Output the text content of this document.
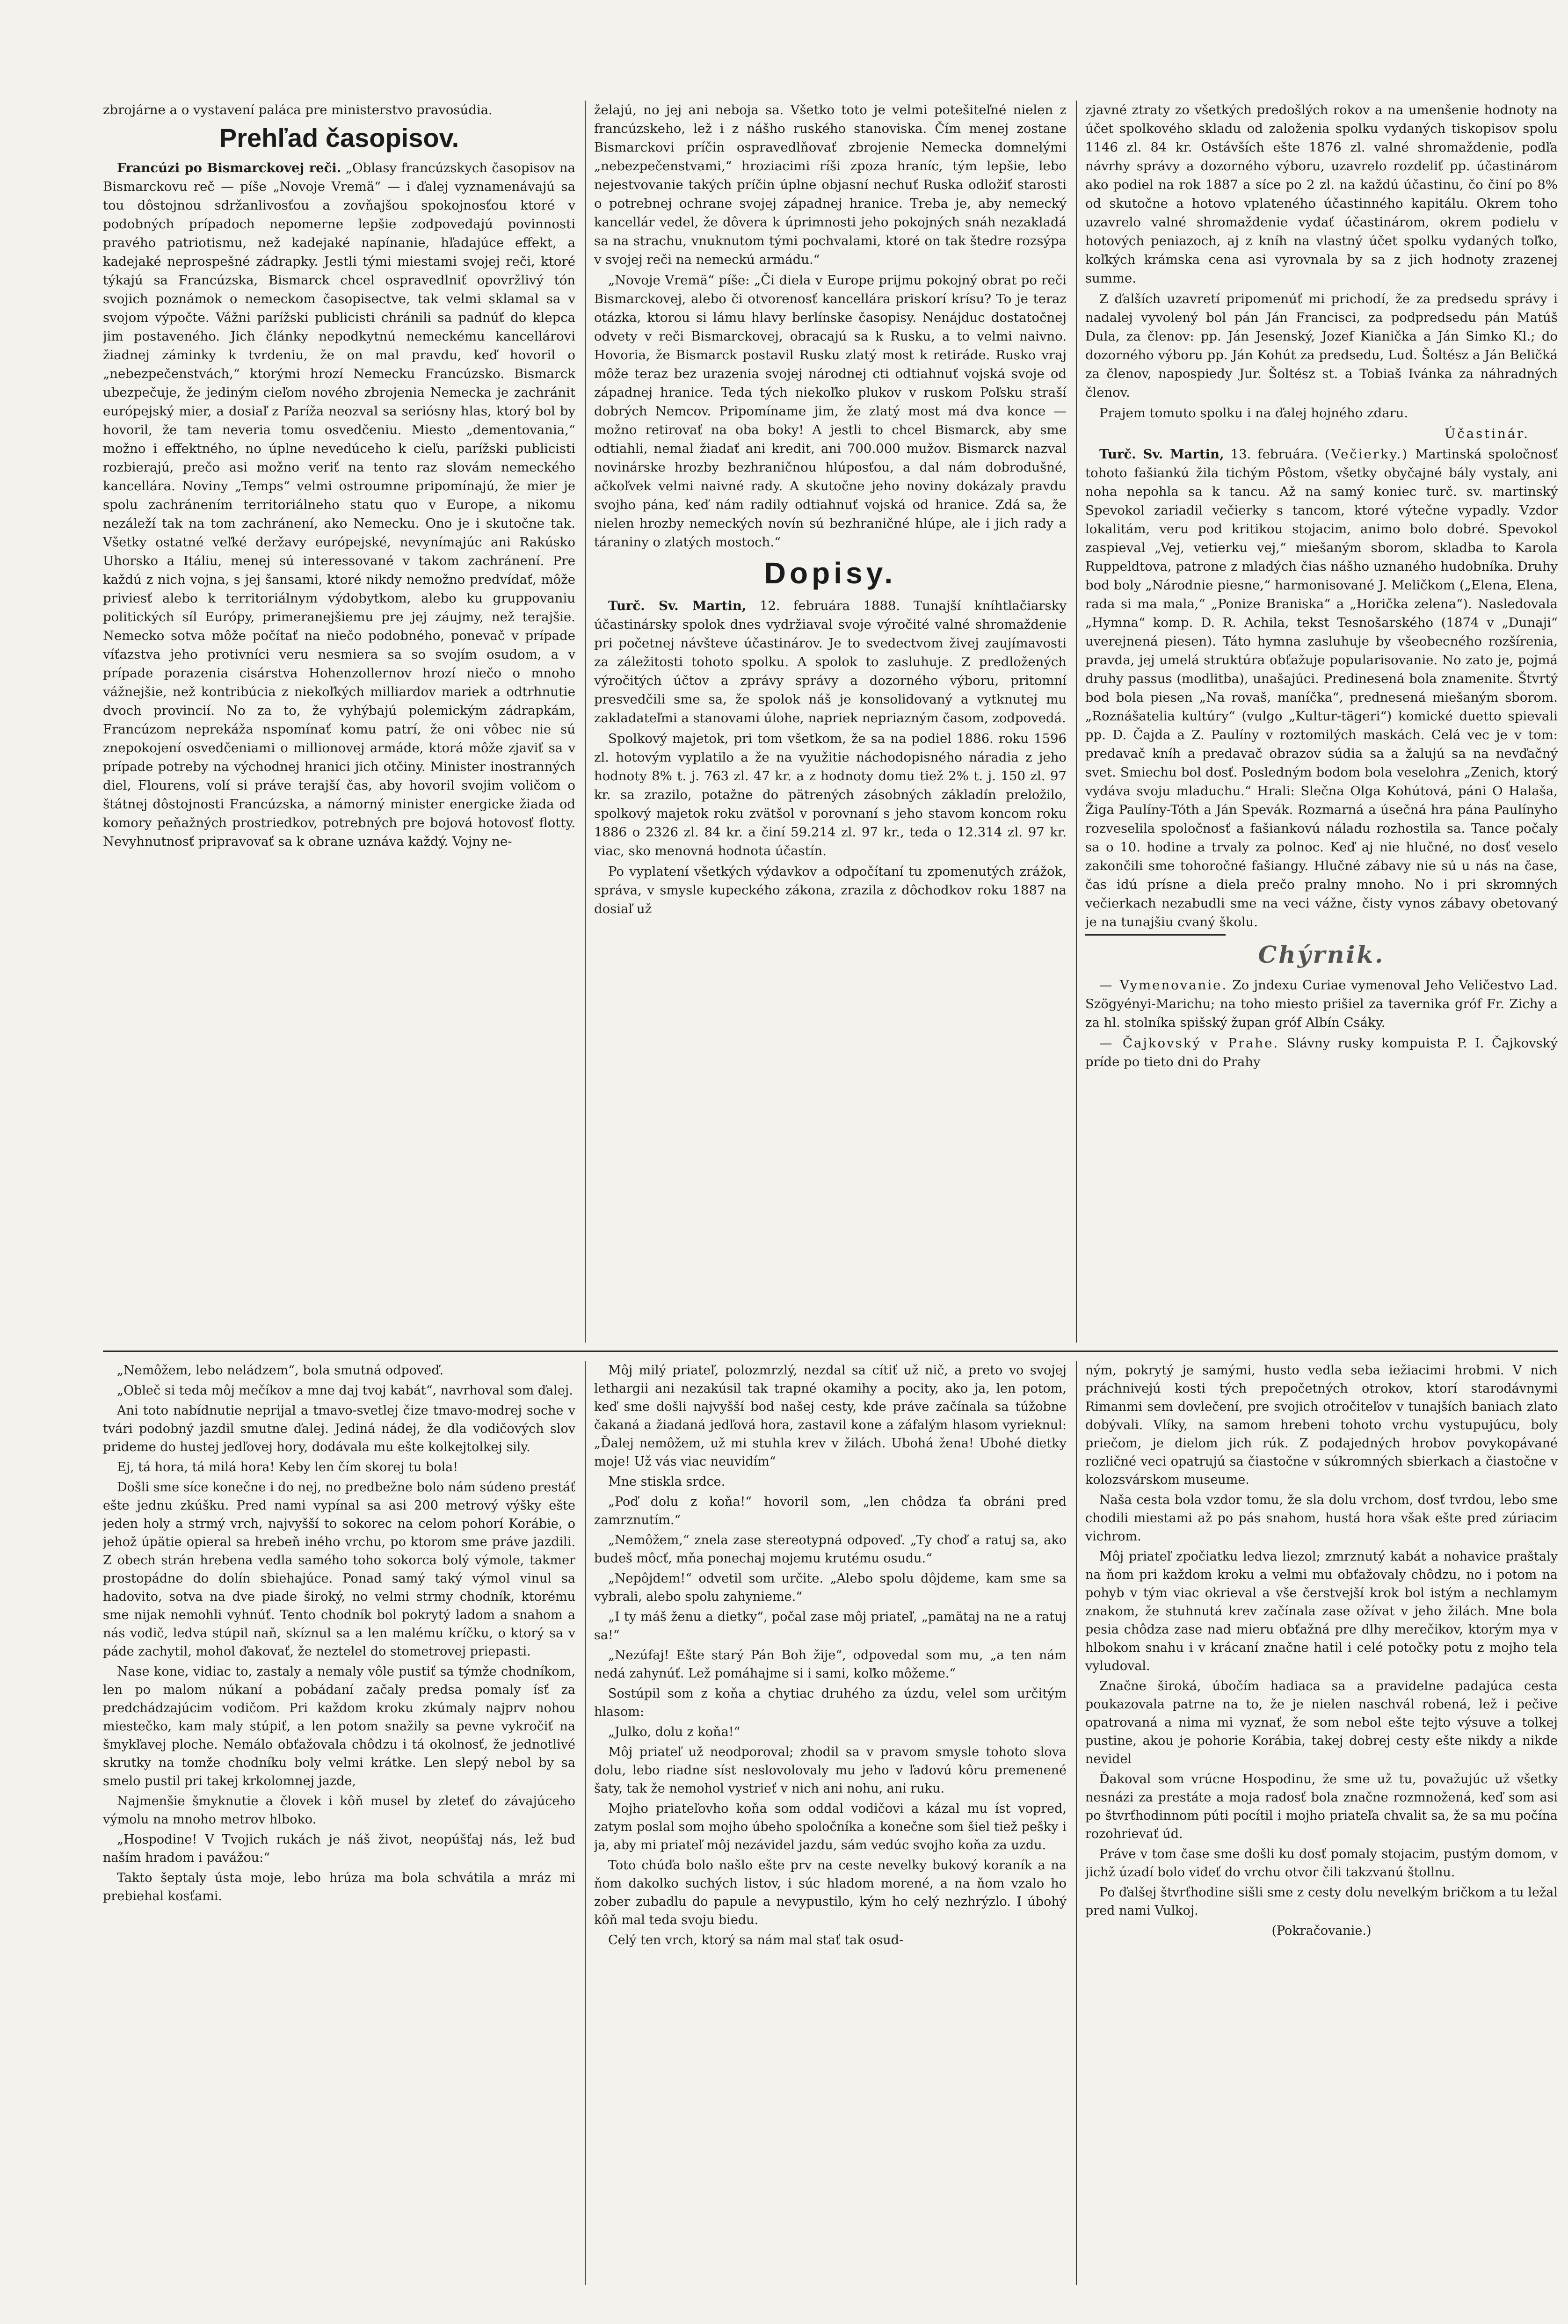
zbrojárne a o vystavení paláca pre ministerstvo pravosúdia.

Prehľad časopisov.

Francúzi po Bismarckovej reči. „Oblasy francúzskych časopisov na Bismarckovu reč — píše „Novoje Vremä“ — i ďalej vyznamenávajú sa tou dôstojnou sdržanlivosťou a zovňajšou spokojnosťou ktoré v podobných prípadoch nepomerne lepšie zodpovedajú povinnosti pravého patriotismu, než kadejaké napínanie, hľadajúce effekt, a kadejaké neprospešné zádrapky. Jestli tými miestami svojej reči, ktoré týkajú sa Francúzska, Bismarck chcel ospravedlniť opovržlivý tón svojich poznámok o nemeckom časopisectve, tak velmi sklamal sa v svojom výpočte. Vážni parížski publicisti chránili sa padnúť do klepca jim postaveného. Jich články nepodkytnú nemeckému kancellárovi žiadnej záminky k tvrdeniu, že on mal pravdu, keď hovoril o „nebezpečenstvách,“ ktorými hrozí Nemecku Francúzsko. Bismarck ubezpečuje, že jediným cieľom nového zbrojenia Nemecka je zachránit európejský mier, a dosiaľ z Paríža neozval sa seriósny hlas, ktorý bol by hovoril, že tam neveria tomu osvedčeniu. Miesto „dementovania,“ možno i effektného, no úplne nevedúceho k cieľu, parížski publicisti rozbierajú, prečo asi možno veriť na tento raz slovám nemeckého kancellára. Noviny „Temps“ velmi ostroumne pripomínajú, že mier je spolu zachránením territoriálneho statu quo v Europe, a nikomu nezáleží tak na tom zachránení, ako Nemecku. Ono je i skutočne tak. Všetky ostatné veľké deržavy európejské, nevynímajúc ani Rakúsko Uhorsko a Itáliu, menej sú interessované v takom zachránení. Pre každú z nich vojna, s jej šansami, ktoré nikdy nemožno predvídať, môže priviesť alebo k territoriálnym výdobytkom, alebo ku gruppovaniu politických síl Európy, primeranejšiemu pre jej záujmy, než terajšie. Nemecko sotva môže počítať na niečo podobného, ponevač v prípade víťazstva jeho protivníci veru nesmiera sa so svojím osudom, a v prípade porazenia cisárstva Hohenzollernov hrozí niečo o mnoho vážnejšie, než kontribúcia z niekoľkých milliardov mariek a odtrhnutie dvoch provincií. No za to, že vyhýbajú polemickým zádrapkám, Francúzom neprekáža nspomínať komu patrí, že oni vôbec nie sú znepokojení osvedčeniami o millionovej armáde, ktorá môže zjaviť sa v prípade potreby na východnej hranici jich otčiny. Minister inostranných diel, Flourens, volí si práve terajší čas, aby hovoril svojim voličom o štátnej dôstojnosti Francúzska, a námorný minister energicke žiada od komory peňažných prostriedkov, potrebných pre bojová hotovosť flotty. Nevyhnutnosť pripravovať sa k obrane uznáva každý. Vojny ne-

želajú, no jej ani neboja sa. Všetko toto je velmi potešiteľné nielen z francúzskeho, lež i z nášho ruského stanoviska. Čím menej zostane Bismarckovi príčin ospravedlňovať zbrojenie Nemecka domnelými „nebezpečenstvami,“ hroziacimi ríši zpoza hraníc, tým lepšie, lebo nejestvovanie takých príčin úplne objasní nechuť Ruska odložiť starosti o potrebnej ochrane svojej západnej hranice. Treba je, aby nemecký kancellár vedel, že dôvera k úprimnosti jeho pokojných snáh nezakladá sa na strachu, vnuknutom tými pochvalami, ktoré on tak štedre rozsýpa v svojej reči na nemeckú armádu.“

„Novoje Vremä“ píše: „Či diela v Europe prijmu pokojný obrat po reči Bismarckovej, alebo či otvorenosť kancellára priskorí krísu? To je teraz otázka, ktorou si lámu hlavy berlínske časopisy. Nenájduc dostatočnej odvety v reči Bismarckovej, obracajú sa k Rusku, a to velmi naivno. Hovoria, že Bismarck postavil Rusku zlatý most k retiráde. Rusko vraj môže teraz bez urazenia svojej národnej cti odtiahnuť vojská svoje od západnej hranice. Teda tých niekoľko plukov v ruskom Poľsku straší dobrých Nemcov. Pripomíname jim, že zlatý most má dva konce — možno retirovať na oba boky! A jestli to chcel Bismarck, aby sme odtiahli, nemal žiadať ani kredit, ani 700.000 mužov. Bismarck nazval novinárske hrozby bezhraničnou hlúposťou, a dal nám dobrodušné, ačkoľvek velmi naivné rady. A skutočne jeho noviny dokázaly pravdu svojho pána, keď nám radily odtiahnuť vojská od hranice. Zdá sa, že nielen hrozby nemeckých novín sú bezhraničné hlúpe, ale i jich rady a táraniny o zlatých mostoch.“

Dopisy.

Turč. Sv. Martin, 12. februára 1888. Tunajší kníhtlačiarsky účastinársky spolok dnes vydržiaval svoje výročité valné shromaždenie pri početnej návšteve účastinárov. Je to svedectvom živej zaujímavosti za záležitosti tohoto spolku. A spolok to zasluhuje. Z predložených výročitých účtov a zprávy správy a dozorného výboru, pritomní presvedčili sme sa, že spolok náš je konsolidovaný a vytknutej mu zakladateľmi a stanovami úlohe, napriek nepriazným časom, zodpovedá.

Spolkový majetok, pri tom všetkom, že sa na podiel 1886. roku 1596 zl. hotovým vyplatilo a že na využitie náchodopisného náradia z jeho hodnoty 8% t. j. 763 zl. 47 kr. a z hodnoty domu tiež 2% t. j. 150 zl. 97 kr. sa zrazilo, potažne do pätrených zásobných základín preložilo, spolkový majetok roku zvätšol v porovnaní s jeho stavom koncom roku 1886 o 2326 zl. 84 kr. a činí 59.214 zl. 97 kr., teda o 12.314 zl. 97 kr. viac, sko menovná hodnota účastín.

Po vyplatení všetkých výdavkov a odpočítaní tu zpomenutých zrážok, správa, v smysle kupeckého zákona, zrazila z dôchodkov roku 1887 na dosiaľ už

zjavné ztraty zo všetkých predošlých rokov a na umenšenie hodnoty na účet spolkového skladu od založenia spolku vydaných tiskopisov spolu 1146 zl. 84 kr. Ostávších ešte 1876 zl. valné shromaždenie, podľa návrhy správy a dozorného výboru, uzavrelo rozdeliť pp. účastinárom ako podiel na rok 1887 a síce po 2 zl. na každú účastinu, čo činí po 8% od skutočne a hotovo vplateného účastinného kapitálu. Okrem toho uzavrelo valné shromaždenie vydať účastinárom, okrem podielu v hotových peniazoch, aj z kníh na vlastný účet spolku vydaných toľko, koľkých krámska cena asi vyrovnala by sa z jich hodnoty zrazenej summe.

Z ďalších uzavretí pripomenúť mi prichodí, že za predsedu správy i nadalej vyvolený bol pán Ján Francisci, za podpredsedu pán Matúš Dula, za členov: pp. Ján Jesenský, Jozef Kianička a Ján Simko Kl.; do dozorného výboru pp. Ján Kohút za predsedu, Lud. Šoltész a Ján Beličká za členov, napospiedy Jur. Šoltész st. a Tobiaš Ivánka za náhradných členov.

Prajem tomuto spolku i na ďalej hojného zdaru.

Účastinár.

Turč. Sv. Martin, 13. februára. (Večierky.) Martinská spoločnosť tohoto fašiankú žila tichým Pôstom, všetky obyčajné bály vystaly, ani noha nepohla sa k tancu. Až na samý koniec turč. sv. martinský Spevokol zariadil večierky s tancom, ktoré výtečne vypadly. Vzdor lokalitám, veru pod kritikou stojacim, animo bolo dobré. Spevokol zaspieval „Vej, vetierku vej,“ miešaným sborom, skladba to Karola Ruppeldtova, patrone z mladých čias nášho uznaného hudobníka. Druhy bod boly „Národnie piesne,“ harmonisované J. Meličkom („Elena, Elena, rada si ma mala,“ „Ponize Braniska“ a „Horička zelena“). Nasledovala „Hymna“ komp. D. R. Achila, tekst Tesnošarského (1874 v „Dunaji“ uverejnená piesen). Táto hymna zasluhuje by všeobecného rozšírenia, pravda, jej umelá struktúra obťažuje popularisovanie. No zato je, pojmá druhy passus (modlitba), unašajúci. Predinesená bola znamenite. Štvrtý bod bola piesen „Na rovaš, maníčka“, prednesená miešaným sborom. „Roznášatelia kultúry“ (vulgo „Kultur-tägeri“) komické duetto spievali pp. D. Čajda a Z. Paulíny v roztomilých maskách. Celá vec je v tom: predavač kníh a predavač obrazov súdia sa a žalujú sa na nevďačný svet. Smiechu bol dosť. Posledným bodom bola veselohra „Zenich, ktorý vydáva svoju mladuchu.“ Hrali: Slečna Olga Kohútová, páni O Halaša, Žiga Paulíny-Tóth a Ján Spevák. Rozmarná a úsečná hra pána Paulínyho rozveselila spoločnosť a fašiankovú náladu rozhostila sa. Tance počaly sa o 10. hodine a trvaly za polnoc. Keď aj nie hlučné, no dosť veselo zakončili sme tohoročné fašiangy. Hlučné zábavy nie sú u nás na čase, čas idú prísne a diela prečo pralny mnoho. No i pri skromných večierkach nezabudli sme na veci vážne, čisty vynos zábavy obetovaný je na tunajšiu cvaný školu.

Chýrnik.

— Vymenovanie. Zo jndexu Curiae vymenoval Jeho Veličestvo Lad. Szögyényi-Marichu; na toho miesto prišiel za tavernika gróf Fr. Zichy a za hl. stolníka spišský župan gróf Albín Csáky.

— Čajkovský v Prahe. Slávny rusky kompuista P. I. Čajkovský príde po tieto dni do Prahy

„Nemôžem, lebo neládzem“, bola smutná odpoveď.

„Obleč si teda môj mečíkov a mne daj tvoj kabát“, navrhoval som ďalej.

Ani toto nabídnutie neprijal a tmavo-svetlej čize tmavo-modrej soche v tvári podobný jazdil smutne ďalej. Jediná nádej, že dla vodičových slov prideme do hustej jedľovej hory, dodávala mu ešte kolkejtolkej sily.

Ej, tá hora, tá milá hora! Keby len čím skorej tu bola!

Došli sme síce konečne i do nej, no predbežne bolo nám súdeno prestáť ešte jednu zkúšku. Pred nami vypínal sa asi 200 metrový výšky ešte jeden holy a strmý vrch, najvyšší to sokorec na celom pohorí Korábie, o jehož úpätie opieral sa hrebeň iného vrchu, po ktorom sme práve jazdili. Z obech strán hrebena vedla samého toho sokorca bolý výmole, takmer prostopádne do dolín sbiehajúce. Ponad samý taký výmol vinul sa hadovito, sotva na dve piade široký, no velmi strmy chodník, ktorému sme nijak nemohli vyhnúť. Tento chodník bol pokrytý ladom a snahom a nás vodič, ledva stúpil naň, skíznul sa a len malému kríčku, o ktorý sa v páde zachytil, mohol ďakovať, že neztelel do stometrovej priepasti.

Nase kone, vidiac to, zastaly a nemaly vôle pustiť sa týmže chodníkom, len po malom núkaní a pobádaní začaly predsa pomaly ísť za predchádzajúcim vodičom. Pri každom kroku zkúmaly najprv nohou miestečko, kam maly stúpiť, a len potom snažily sa pevne vykročiť na šmykľavej ploche. Nemálo obťažovala chôdzu i tá okolnosť, že jednotlivé skrutky na tomže chodníku boly velmi krátke. Len slepý nebol by sa smelo pustil pri takej krkolomnej jazde,

Najmenšie šmyknutie a človek i kôň musel by zleteť do závajúceho výmolu na mnoho metrov hlboko.

„Hospodine! V Tvojich rukách je náš život, neopúšťaj nás, lež buď naším hradom i pavážou:“

Takto šeptaly ústa moje, lebo hrúza ma bola schvátila a mráz mi prebiehal kosťami.

Môj milý priateľ, polozmrzlý, nezdal sa cítiť už nič, a preto vo svojej lethargii ani nezakúsil tak trapné okamihy a pocity, ako ja, len potom, keď sme došli najvyšší bod našej cesty, kde práve začínala sa túžobne čakaná a žiadaná jedľová hora, zastavil kone a záfalým hlasom vyrieknul: „Ďalej nemôžem, už mi stuhla krev v žilách. Ubohá žena! Ubohé dietky moje! Už vás viac neuvidím“

Mne stiskla srdce.

„Poď dolu z koňa!“ hovoril som, „len chôdza ťa obráni pred zamrznutím.“

„Nemôžem,“ znela zase stereotypná odpoveď. „Ty choď a ratuj sa, ako budeš môcť, mňa ponechaj mojemu krutému osudu.“

„Nepôjdem!“ odvetil som určite. „Alebo spolu dôjdeme, kam sme sa vybrali, alebo spolu zahynieme.“

„I ty máš ženu a dietky“, počal zase môj priateľ, „pamätaj na ne a ratuj sa!“

„Nezúfaj! Ešte starý Pán Boh žije“, odpovedal som mu, „a ten nám nedá zahynúť. Lež pomáhajme si i sami, koľko môžeme.“

Sostúpil som z koňa a chytiac druhého za úzdu, velel som určitým hlasom:

„Julko, dolu z koňa!“

Môj priateľ už neodporoval; zhodil sa v pravom smysle tohoto slova dolu, lebo riadne síst neslovolovaly mu jeho v ľadovú kôru premenené šaty, tak že nemohol vystrieť v nich ani nohu, ani ruku.

Mojho priateľovho koňa som oddal vodičovi a kázal mu íst vopred, zatym poslal som mojho úbeho spoločníka a konečne som šiel tiež pešky i ja, aby mi priateľ môj nezávidel jazdu, sám vedúc svojho koňa za uzdu.

Toto chúďa bolo našlo ešte prv na ceste nevelky bukový koraník a na ňom dakolko suchých listov, i súc hladom morené, a na ňom vzalo ho zober zubadlu do papule a nevypustilo, kým ho celý nezhrýzlo. I úbohý kôň mal teda svoju biedu.

Celý ten vrch, ktorý sa nám mal stať tak osud-

ným, pokrytý je samými, husto vedla seba iežiacimi hrobmi. V nich práchnivejú kosti tých prepočetných otrokov, ktorí starodávnymi Rimanmi sem dovlečení, pre svojich otročiteľov v tunajších baniach zlato dobývali. Vlíky, na samom hrebeni tohoto vrchu vystupujúcu, boly priečom, je dielom jich rúk. Z podajedných hrobov povykopávané rozličné veci opatrujú sa čiastočne v súkromných sbierkach a čiastočne v kolozsvárskom museume.

Naša cesta bola vzdor tomu, že sla dolu vrchom, dosť tvrdou, lebo sme chodili miestami až po pás snahom, hustá hora však ešte pred zúriacim vichrom.

Môj priateľ zpočiatku ledva liezol; zmrznutý kabát a nohavice praštaly na ňom pri každom kroku a velmi mu obťažovaly chôdzu, no i potom na pohyb v tým viac okrieval a vše čerstvejší krok bol istým a nechlamym znakom, že stuhnutá krev začínala zase ožívat v jeho žilách. Mne bola pesia chôdza zase nad mieru obťažná pre dlhy merečikov, ktorým mya v hlbokom snahu i v krácaní značne hatil i celé potočky potu z mojho tela vyludoval.

Značne široká, úbočím hadiaca sa a pravidelne padajúca cesta poukazovala patrne na to, že je nielen naschvál robená, lež i pečive opatrovaná a nima mi vyznať, že som nebol ešte tejto výsuve a tolkej pustine, akou je pohorie Korábia, takej dobrej cesty ešte nikdy a nikde nevidel

Ďakoval som vrúcne Hospodinu, že sme už tu, považujúc už všetky nesnázi za prestáte a moja radosť bola značne rozmnožená, keď som asi po štvrťhodinnom púti pocítil i mojho priateľa chvalit sa, že sa mu počína rozohrievať úd.

Práve v tom čase sme došli ku dosť pomaly stojacim, pustým domom, v jichž úzadí bolo videť do vrchu otvor čili takzvanú štollnu.

Po ďalšej štvrťhodine sišli sme z cesty dolu nevelkým bričkom a tu ležal pred nami Vulkoj.

(Pokračovanie.)
